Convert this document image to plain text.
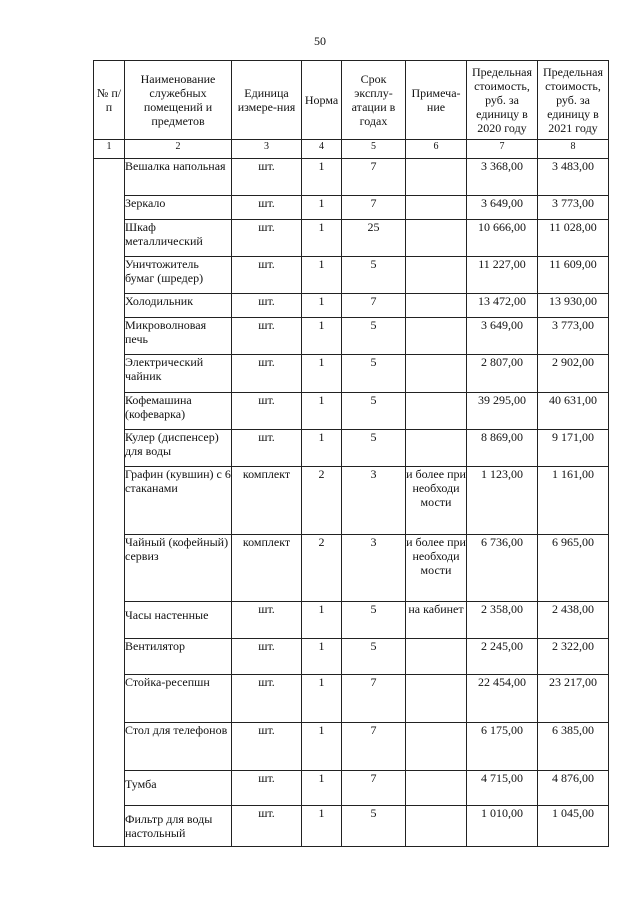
50
№ п/п	Наименование служебных помещений и предметов	Единица измере-ния	Норма	Срок эксплу-атации в годах	Примеча-ние	Предельная стоимость, руб. за единицу в 2020 году	Предельная стоимость, руб. за единицу в 2021 году
1	2	3	4	5	6	7	8
	Вешалка напольная	шт.	1	7		3 368,00	3 483,00
	Зеркало	шт.	1	7		3 649,00	3 773,00
	Шкаф металлический	шт.	1	25		10 666,00	11 028,00
	Уничтожитель бумаг (шредер)	шт.	1	5		11 227,00	11 609,00
	Холодильник	шт.	1	7		13 472,00	13 930,00
	Микроволновая печь	шт.	1	5		3 649,00	3 773,00
	Электрический чайник	шт.	1	5		2 807,00	2 902,00
	Кофемашина (кофеварка)	шт.	1	5		39 295,00	40 631,00
	Кулер (диспенсер) для воды	шт.	1	5		8 869,00	9 171,00
	Графин (кувшин) с 6 стаканами	комплект	2	3	и более при необходи мости	1 123,00	1 161,00
	Чайный (кофейный) сервиз	комплект	2	3	и более при необходи мости	6 736,00	6 965,00
	Часы настенные	шт.	1	5	на кабинет	2 358,00	2 438,00
	Вентилятор	шт.	1	5		2 245,00	2 322,00
	Стойка-ресепшн	шт.	1	7		22 454,00	23 217,00
	Стол для телефонов	шт.	1	7		6 175,00	6 385,00
	Тумба	шт.	1	7		4 715,00	4 876,00
	Фильтр для воды настольный	шт.	1	5		1 010,00	1 045,00
